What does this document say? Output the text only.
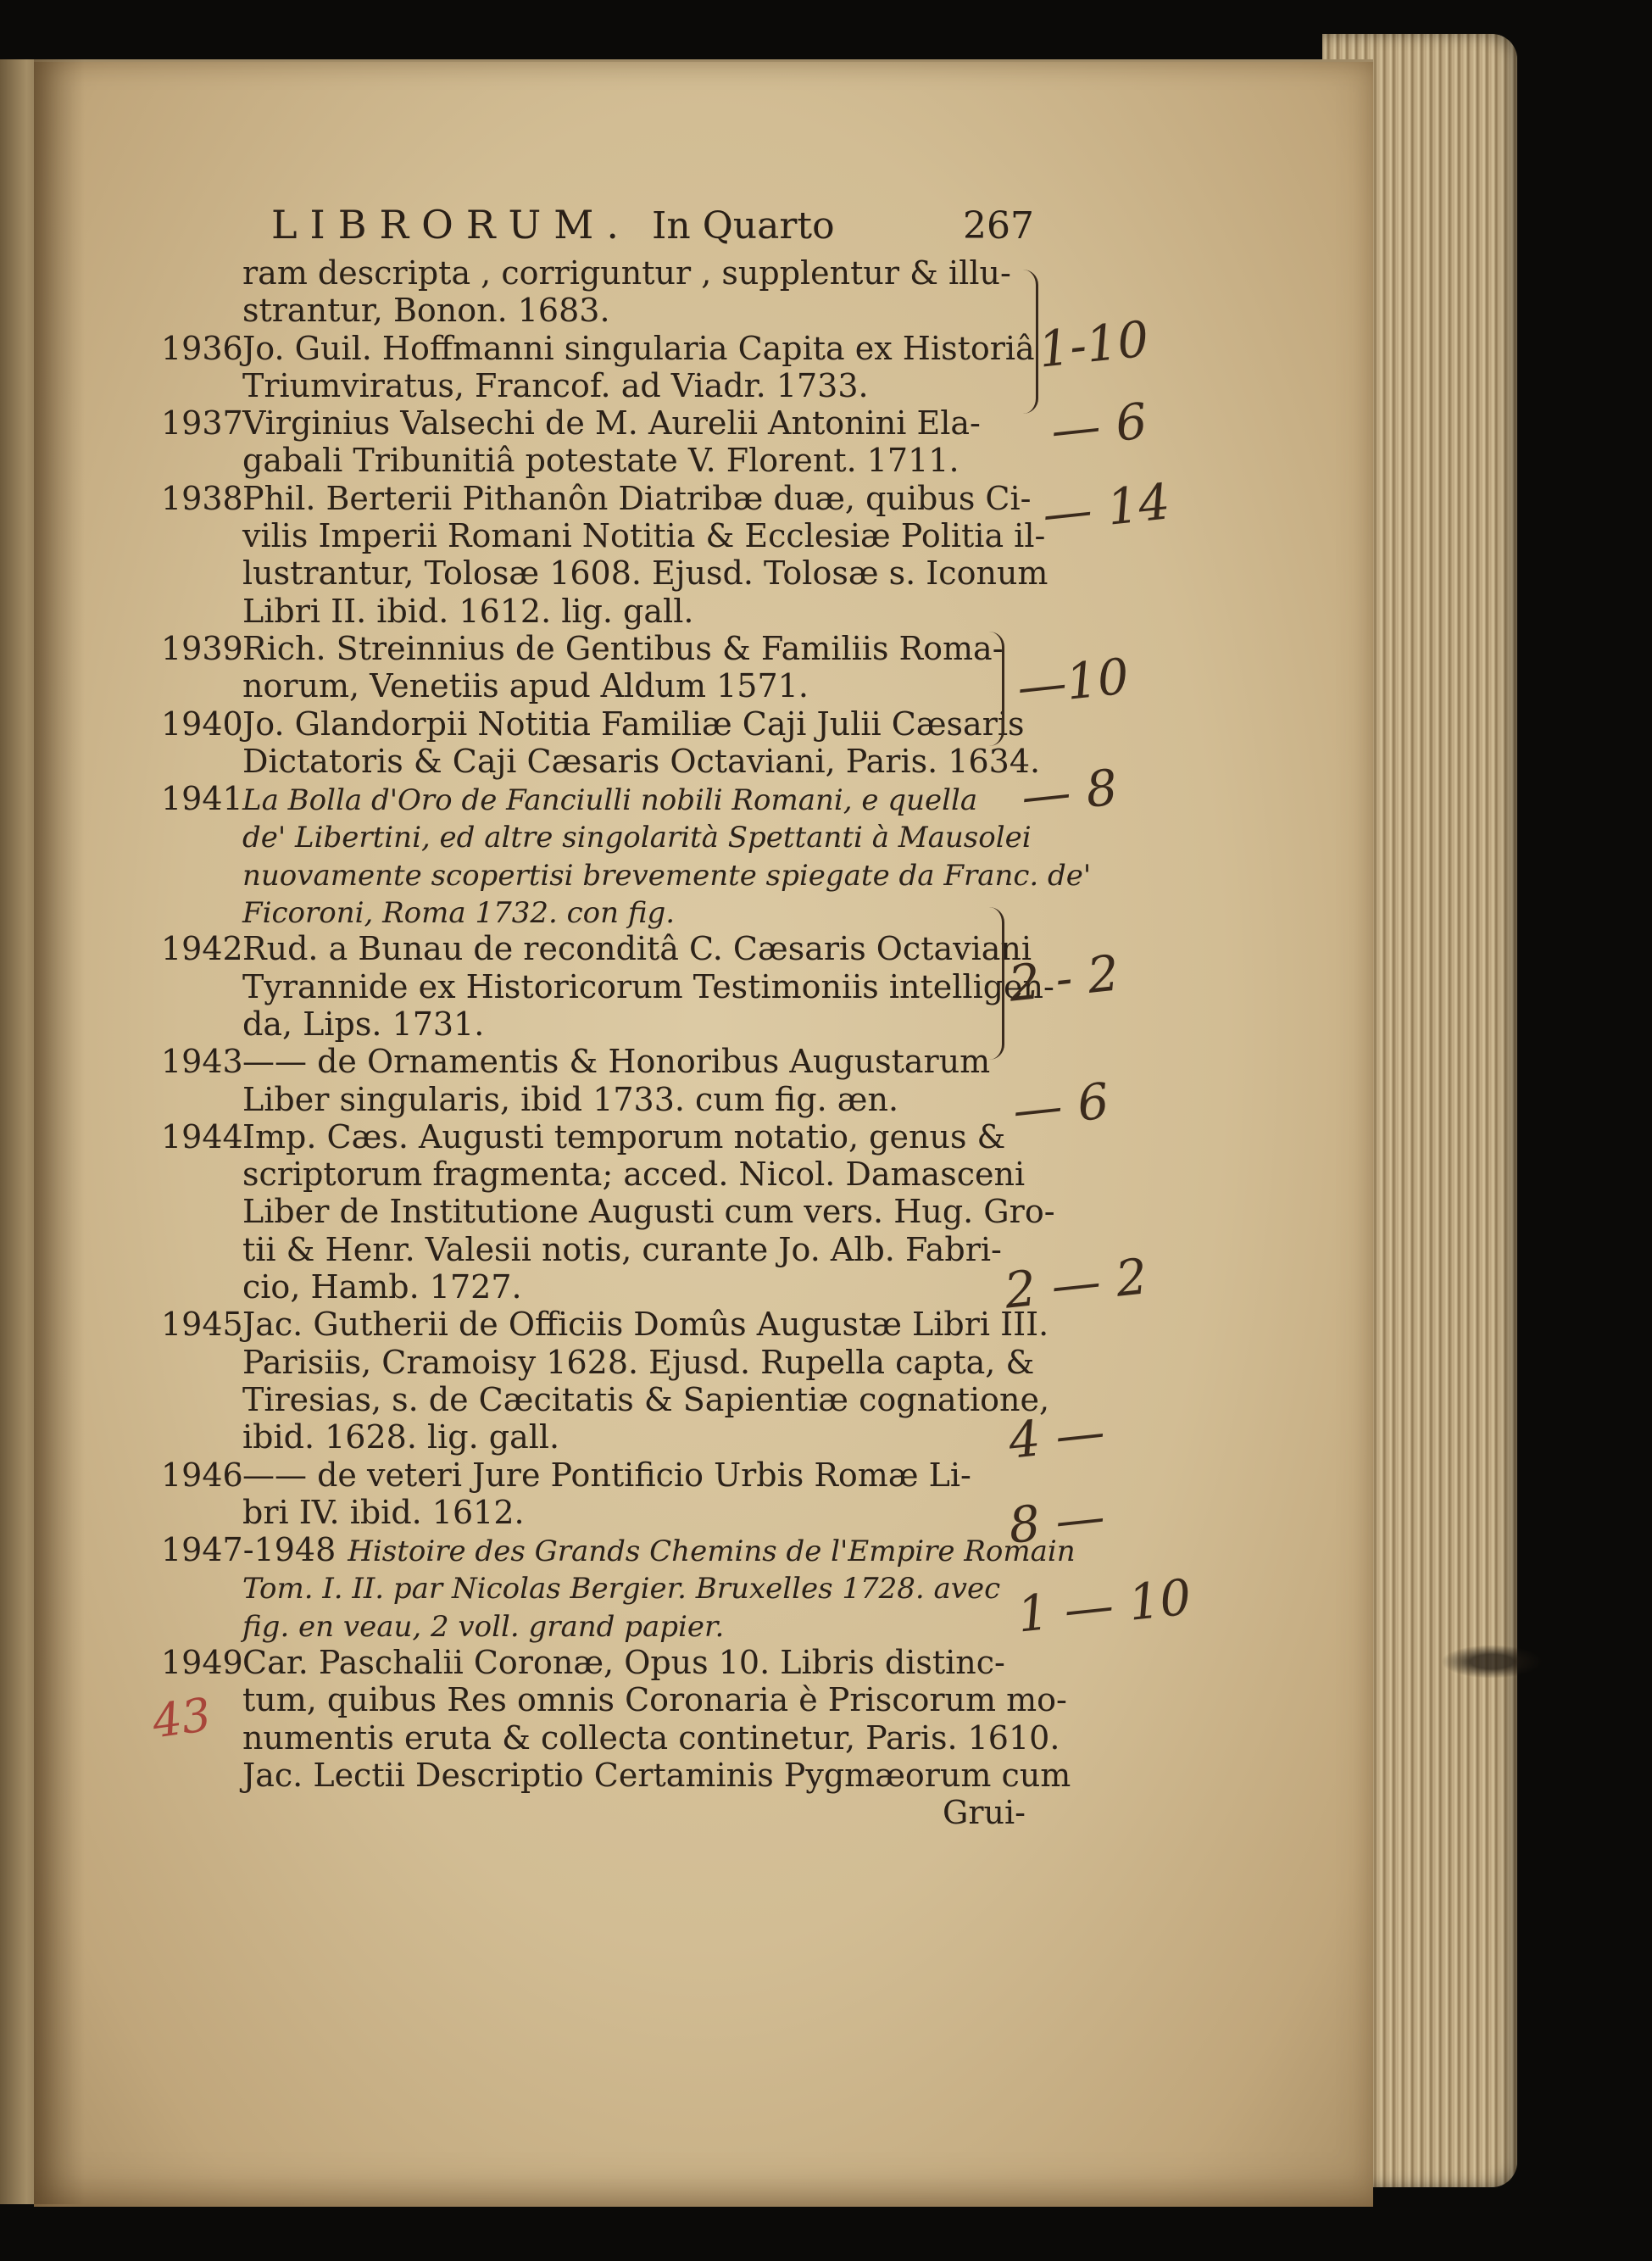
LIBRORUM. In Quarto	267
ram descripta , corriguntur , supplentur & illu-
strantur, Bonon. 1683.
1936Jo. Guil. Hoffmanni singularia Capita ex Historiâ
Triumviratus, Francof. ad Viadr. 1733.
1937Virginius Valsechi de M. Aurelii Antonini Ela-
gabali Tribunitiâ potestate V. Florent. 1711.
1938Phil. Berterii Pithanôn Diatribæ duæ, quibus Ci-
vilis Imperii Romani Notitia & Ecclesiæ Politia il-
lustrantur, Tolosæ 1608. Ejusd. Tolosæ s. Iconum
Libri II. ibid. 1612. lig. gall.
1939Rich. Streinnius de Gentibus & Familiis Roma-
norum, Venetiis apud Aldum 1571.
1940Jo. Glandorpii Notitia Familiæ Caji Julii Cæsaris
Dictatoris & Caji Cæsaris Octaviani, Paris. 1634.
1941La Bolla d'Oro de Fanciulli nobili Romani, e quella
de' Libertini, ed altre singolarità Spettanti à Mausolei
nuovamente scopertisi brevemente spiegate da Franc. de'
Ficoroni, Roma 1732. con fig.
1942Rud. a Bunau de reconditâ C. Cæsaris Octaviani
Tyrannide ex Historicorum Testimoniis intelligen-
da, Lips. 1731.
1943—— de Ornamentis & Honoribus Augustarum
Liber singularis, ibid 1733. cum fig. æn.
1944Imp. Cæs. Augusti temporum notatio, genus &
scriptorum fragmenta; acced. Nicol. Damasceni
Liber de Institutione Augusti cum vers. Hug. Gro-
tii & Henr. Valesii notis, curante Jo. Alb. Fabri-
cio, Hamb. 1727.
1945Jac. Gutherii de Officiis Domûs Augustæ Libri III.
Parisiis, Cramoisy 1628. Ejusd. Rupella capta, &
Tiresias, s. de Cæcitatis & Sapientiæ cognatione,
ibid. 1628. lig. gall.
1946—— de veteri Jure Pontificio Urbis Romæ Li-
bri IV. ibid. 1612.
1947-1948 Histoire des Grands Chemins de l'Empire Romain
Tom. I. II. par Nicolas Bergier. Bruxelles 1728. avec
fig. en veau, 2 voll. grand papier.
1949Car. Paschalii Coronæ, Opus 10. Libris distinc-
tum, quibus Res omnis Coronaria è Priscorum mo-
numentis eruta & collecta continetur, Paris. 1610.
Jac. Lectii Descriptio Certaminis Pygmæorum cum
Grui-
1-10
— 6
— 14
—10
— 8
2 - 2
— 6
2 — 2
4 —
8 —
1 — 10
43
